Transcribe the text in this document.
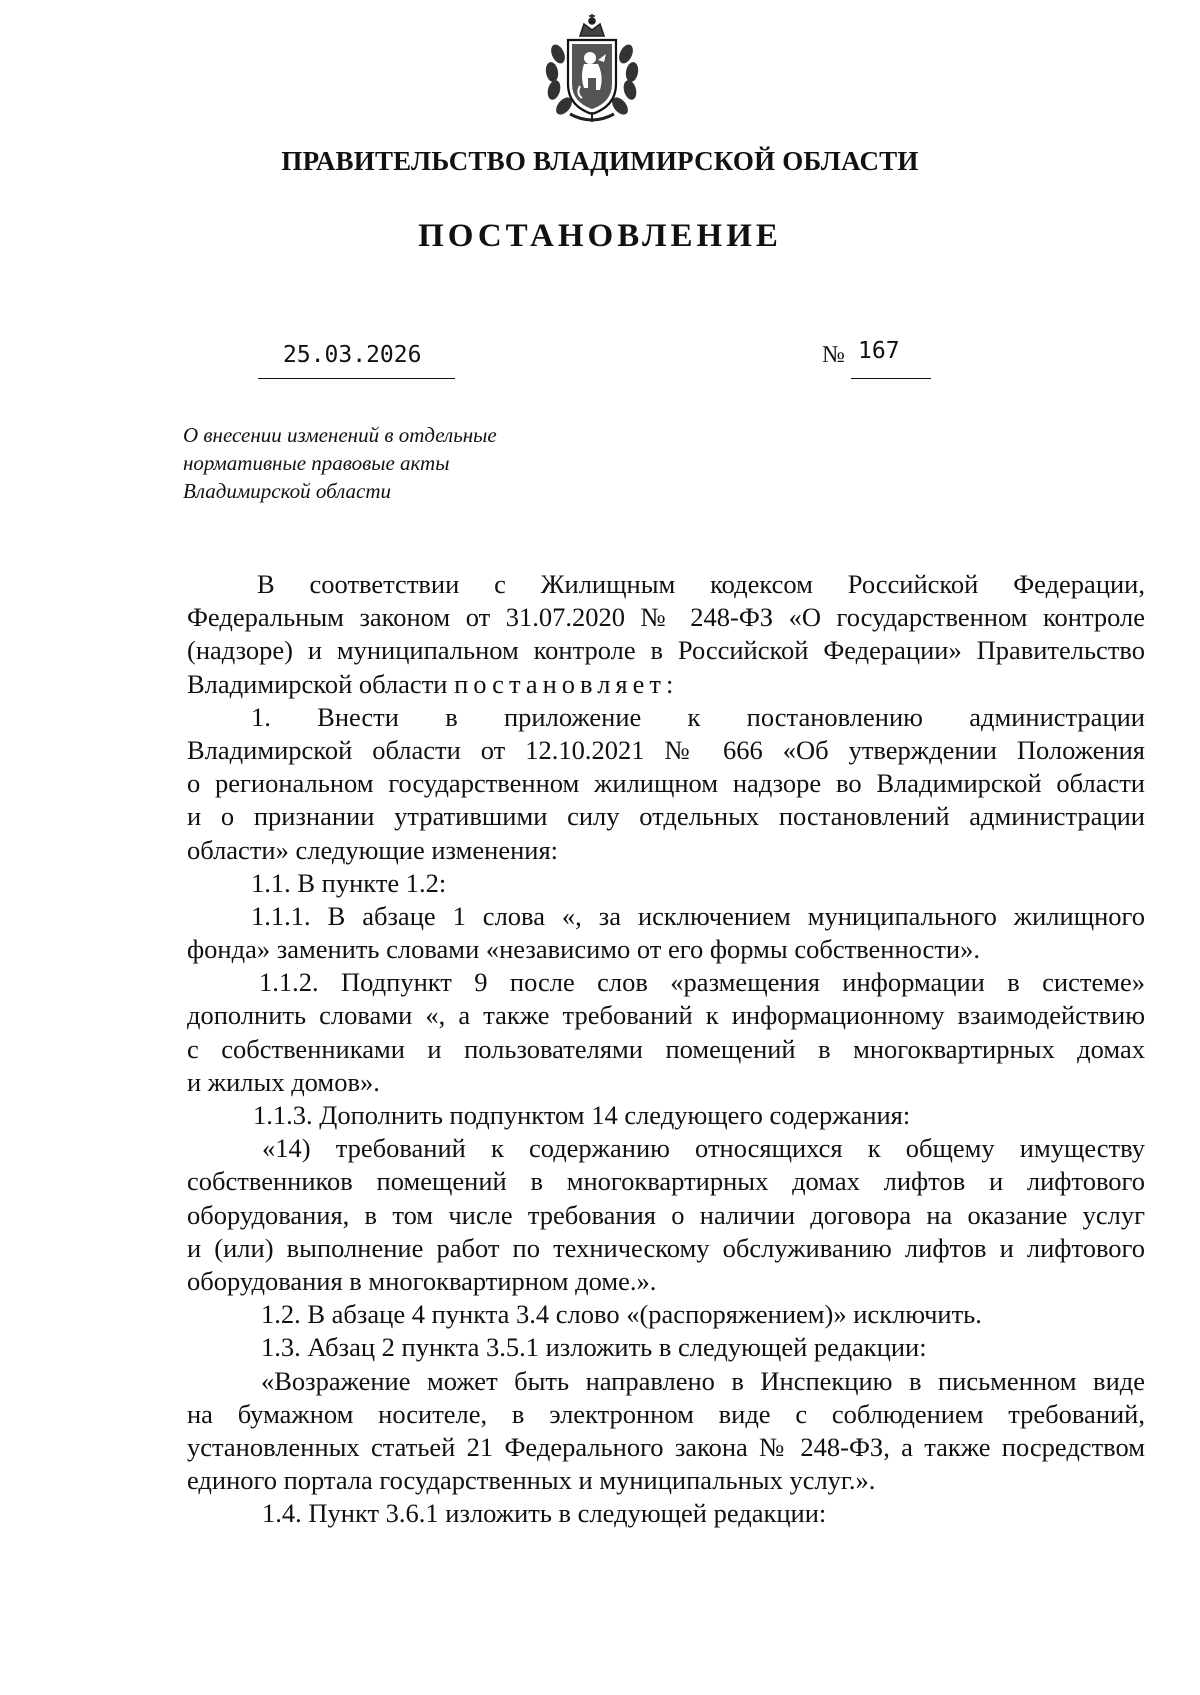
ПРАВИТЕЛЬСТВО ВЛАДИМИРСКОЙ ОБЛАСТИ
ПОСТАНОВЛЕНИЕ
25.03.2026	№ 167
О внесении изменений в отдельные
нормативные правовые акты
Владимирской области
В соответствии с Жилищным кодексом Российской Федерации,
Федеральным законом от 31.07.2020 № 248-ФЗ «О государственном контроле
(надзоре) и муниципальном контроле в Российской Федерации» Правительство
Владимирской области постановляет:
1. Внести в приложение к постановлению администрации
Владимирской области от 12.10.2021 № 666 «Об утверждении Положения
о региональном государственном жилищном надзоре во Владимирской области
и о признании утратившими силу отдельных постановлений администрации
области» следующие изменения:
1.1. В пункте 1.2:
1.1.1. В абзаце 1 слова «, за исключением муниципального жилищного
фонда» заменить словами «независимо от его формы собственности».
1.1.2. Подпункт 9 после слов «размещения информации в системе»
дополнить словами «, а также требований к информационному взаимодействию
с собственниками и пользователями помещений в многоквартирных домах
и жилых домов».
1.1.3. Дополнить подпунктом 14 следующего содержания:
«14) требований к содержанию относящихся к общему имуществу
собственников помещений в многоквартирных домах лифтов и лифтового
оборудования, в том числе требования о наличии договора на оказание услуг
и (или) выполнение работ по техническому обслуживанию лифтов и лифтового
оборудования в многоквартирном доме.».
1.2. В абзаце 4 пункта 3.4 слово «(распоряжением)» исключить.
1.3. Абзац 2 пункта 3.5.1 изложить в следующей редакции:
«Возражение может быть направлено в Инспекцию в письменном виде
на бумажном носителе, в электронном виде с соблюдением требований,
установленных статьей 21 Федерального закона № 248-ФЗ, а также посредством
единого портала государственных и муниципальных услуг.».
1.4. Пункт 3.6.1 изложить в следующей редакции:
